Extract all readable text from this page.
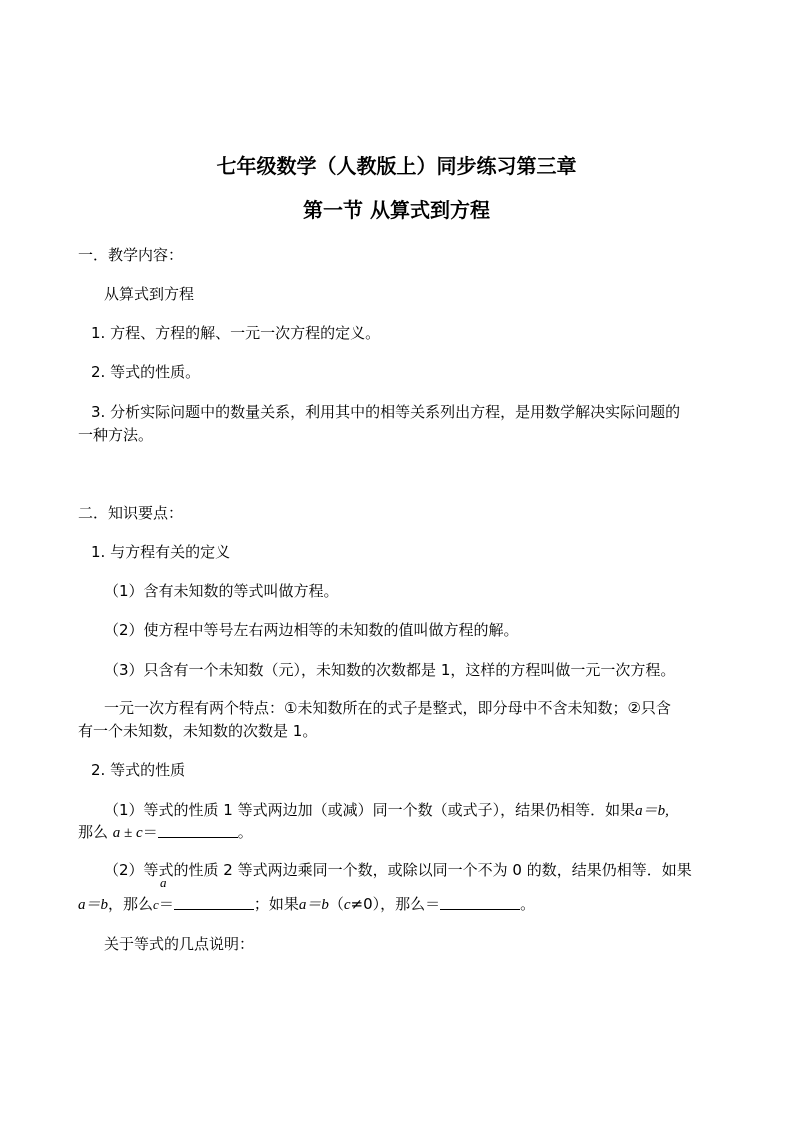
七年级数学（人教版上）同步练习第三章
第一节 从算式到方程
一．教学内容：
从算式到方程
1. 方程、方程的解、一元一次方程的定义。
2. 等式的性质。
3. 分析实际问题中的数量关系，利用其中的相等关系列出方程，是用数学解决实际问题的
一种方法。
二．知识要点：
1. 与方程有关的定义
（1）含有未知数的等式叫做方程。
（2）使方程中等号左右两边相等的未知数的值叫做方程的解。
（3）只含有一个未知数（元），未知数的次数都是 1，这样的方程叫做一元一次方程。
一元一次方程有两个特点：①未知数所在的式子是整式，即分母中不含未知数；②只含
有一个未知数，未知数的次数是 1。
2. 等式的性质
（1）等式的性质 1 等式两边加（或减）同一个数（或式子），结果仍相等．如果a＝b,
那么 a ± c＝	。
（2）等式的性质 2 等式两边乘同一个数，或除以同一个不为 0 的数，结果仍相等．如果
a
a＝b，那么c＝	；如果a＝b（c≠0），那么＝	。
关于等式的几点说明：
